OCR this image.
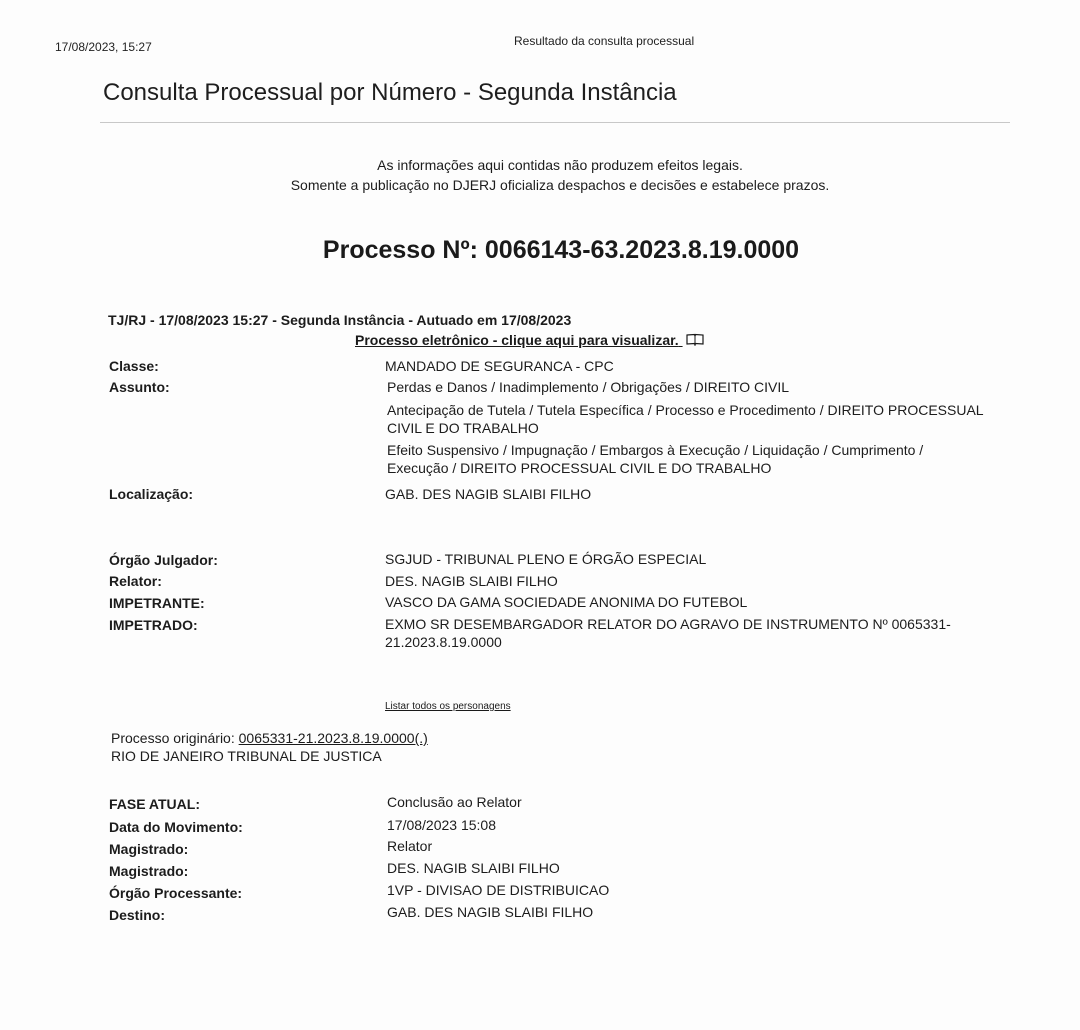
17/08/2023, 15:27	Resultado da consulta processual
Consulta Processual por Número - Segunda Instância
As informações aqui contidas não produzem efeitos legais.
Somente a publicação no DJERJ oficializa despachos e decisões e estabelece prazos.
Processo Nº: 0066143-63.2023.8.19.0000
TJ/RJ - 17/08/2023 15:27 - Segunda Instância - Autuado em 17/08/2023
Processo eletrônico - clique aqui para visualizar.
Classe:	MANDADO DE SEGURANCA - CPC
Assunto:	Perdas e Danos / Inadimplemento / Obrigações / DIREITO CIVIL
Antecipação de Tutela / Tutela Específica / Processo e Procedimento / DIREITO PROCESSUAL CIVIL E DO TRABALHO
Efeito Suspensivo / Impugnação / Embargos à Execução / Liquidação / Cumprimento / Execução / DIREITO PROCESSUAL CIVIL E DO TRABALHO
Localização:	GAB. DES NAGIB SLAIBI FILHO
Órgão Julgador:	SGJUD - TRIBUNAL PLENO E ÓRGÃO ESPECIAL
Relator:	DES. NAGIB SLAIBI FILHO
IMPETRANTE:	VASCO DA GAMA SOCIEDADE ANONIMA DO FUTEBOL
IMPETRADO:	EXMO SR DESEMBARGADOR RELATOR DO AGRAVO DE INSTRUMENTO Nº 0065331-21.2023.8.19.0000
Listar todos os personagens
Processo originário: 0065331-21.2023.8.19.0000(.)
RIO DE JANEIRO TRIBUNAL DE JUSTICA
FASE ATUAL:	Conclusão ao Relator
Data do Movimento:	17/08/2023 15:08
Magistrado:	Relator
Magistrado:	DES. NAGIB SLAIBI FILHO
Órgão Processante:	1VP - DIVISAO DE DISTRIBUICAO
Destino:	GAB. DES NAGIB SLAIBI FILHO
